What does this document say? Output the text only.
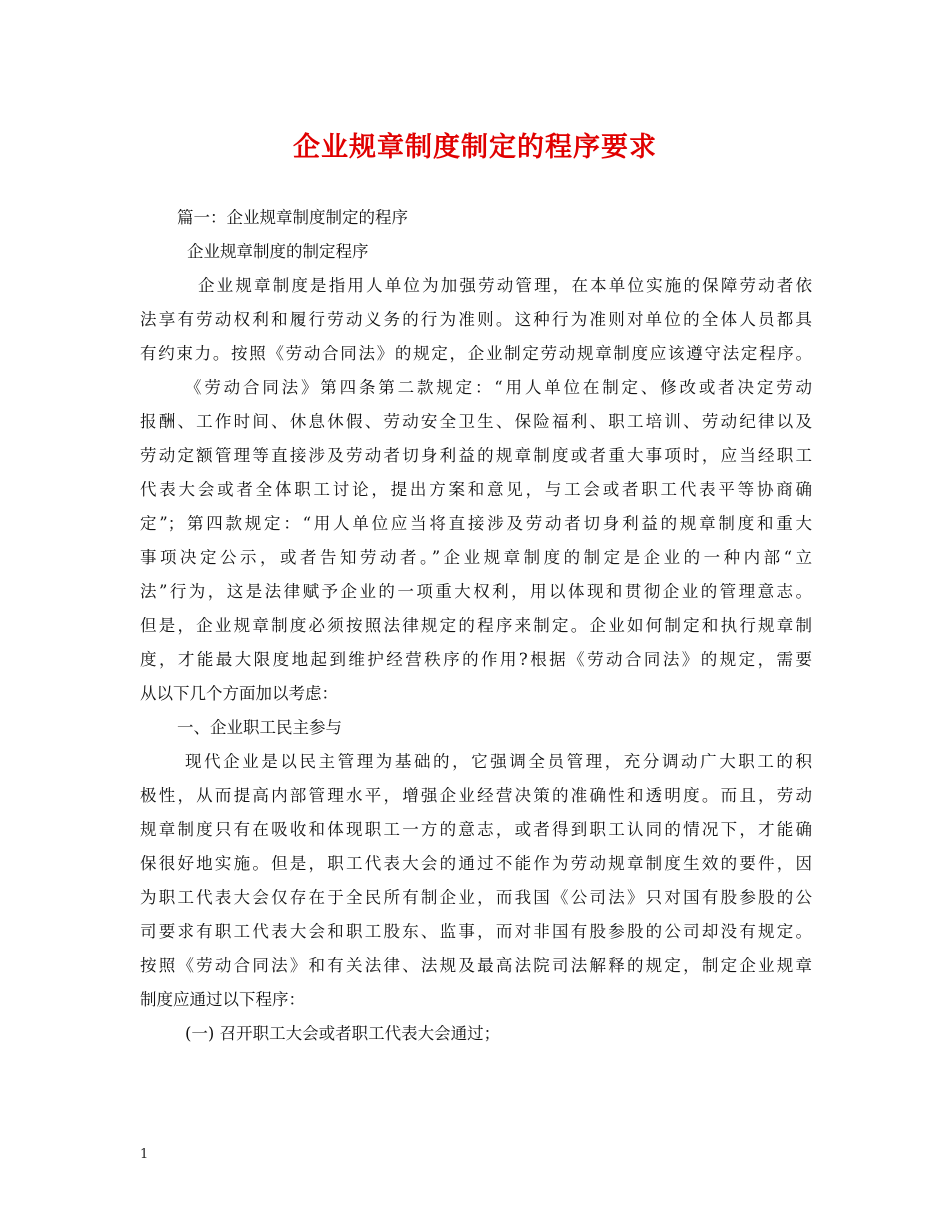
企业规章制度制定的程序要求
篇一：企业规章制度制定的程序
企业规章制度的制定程序
企业规章制度是指用人单位为加强劳动管理，在本单位实施的保障劳动者依
法享有劳动权利和履行劳动义务的行为准则。这种行为准则对单位的全体人员都具
有约束力。按照《劳动合同法》的规定，企业制定劳动规章制度应该遵守法定程序。
《劳动合同法》第四条第二款规定：“用人单位在制定、修改或者决定劳动
报酬、工作时间、休息休假、劳动安全卫生、保险福利、职工培训、劳动纪律以及
劳动定额管理等直接涉及劳动者切身利益的规章制度或者重大事项时，应当经职工
代表大会或者全体职工讨论，提出方案和意见，与工会或者职工代表平等协商确
定”；第四款规定：“用人单位应当将直接涉及劳动者切身利益的规章制度和重大
事项决定公示，或者告知劳动者。”企业规章制度的制定是企业的一种内部“立
法”行为，这是法律赋予企业的一项重大权利，用以体现和贯彻企业的管理意志。
但是，企业规章制度必须按照法律规定的程序来制定。企业如何制定和执行规章制
度，才能最大限度地起到维护经营秩序的作用?根据《劳动合同法》的规定，需要
从以下几个方面加以考虑：
一、企业职工民主参与
现代企业是以民主管理为基础的，它强调全员管理，充分调动广大职工的积
极性，从而提高内部管理水平，增强企业经营决策的准确性和透明度。而且，劳动
规章制度只有在吸收和体现职工一方的意志，或者得到职工认同的情况下，才能确
保很好地实施。但是，职工代表大会的通过不能作为劳动规章制度生效的要件，因
为职工代表大会仅存在于全民所有制企业，而我国《公司法》只对国有股参股的公
司要求有职工代表大会和职工股东、监事，而对非国有股参股的公司却没有规定。
按照《劳动合同法》和有关法律、法规及最高法院司法解释的规定，制定企业规章
制度应通过以下程序：
(一) 召开职工大会或者职工代表大会通过；
1
